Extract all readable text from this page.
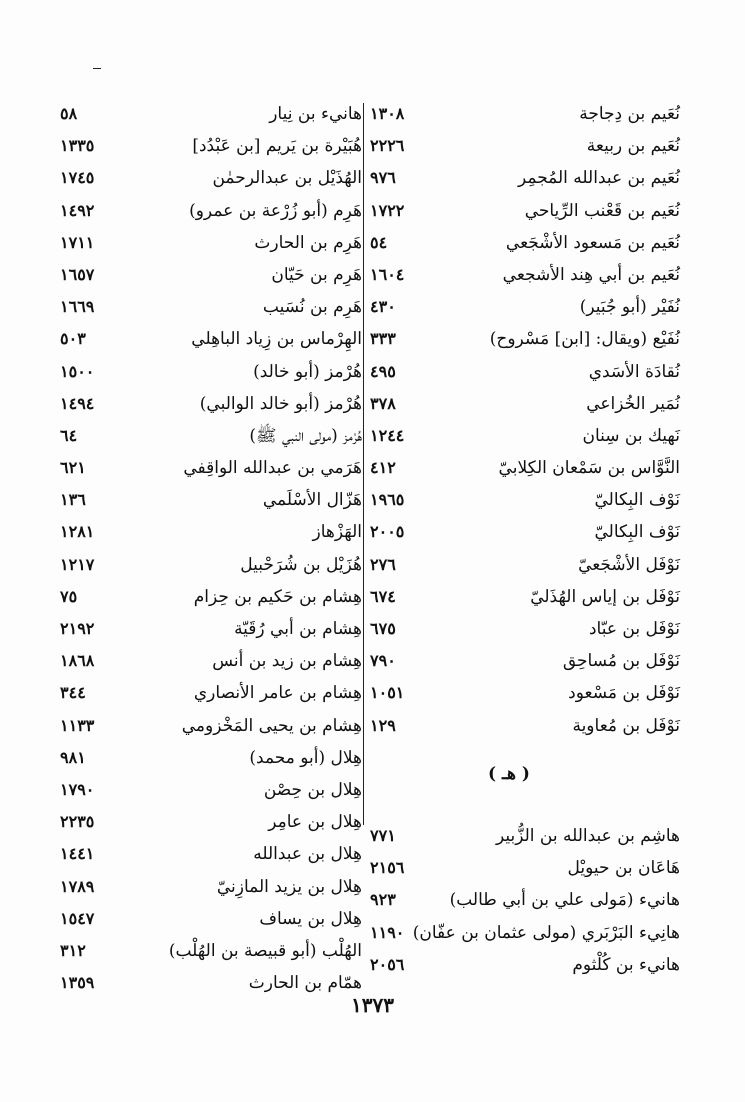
هانيء بن نِيار
٥٨
هُبَيْرة بن يَريم [بن عَبْدُد]
١٣٣٥
الهُذَيْل بن عبدالرحمٰن
١٧٤٥
هَرِم (أبو زُرْعة بن عمرو)
١٤٩٢
هَرِم بن الحارث
١٧١١
هَرِم بن حَيّان
١٦٥٧
هَرِم بن نُسَيب
١٦٦٩
الهِرْماس بن زِياد الباهِلي
٥٠٣
هُرْمز (أبو خالد)
١٥٠٠
هُرْمز (أبو خالد الوالبي)
١٤٩٤
هُرْمز (مولى النبي ﷺ)
٦٤
هَرَمي بن عبدالله الواقِفي
٦٢١
هَزّال الأسْلَمي
١٣٦
الهَزْهاز
١٢٨١
هُزَيْل بن شُرَحْبيل
١٢١٧
هِشام بن حَكيم بن حِزام
٧٥
هِشام بن أبي رُقَيّة
٢١٩٢
هِشام بن زيد بن أنس
١٨٦٨
هِشام بن عامر الأنصاري
٣٤٤
هِشام بن يحيى المَخْزومي
١١٣٣
هِلال (أبو محمد)
٩٨١
هِلال بن حِصْن
١٧٩٠
هِلال بن عامِر
٢٢٣٥
هِلال بن عبدالله
١٤٤١
هِلال بن يزيد المازِنيّ
١٧٨٩
هِلال بن يساف
١٥٤٧
الهُلْب (أبو قبيصة بن الهُلْب)
٣١٢
همّام بن الحارث
١٣٥٩
نُعَيم بن دِجاجة
١٣٠٨
نُعَيم بن ربيعة
٢٢٢٦
نُعَيم بن عبدالله المُجمِر
٩٧٦
نُعَيم بن قَعْنب الرِّياحي
١٧٢٢
نُعَيم بن مَسعود الأشْجَعي
٥٤
نُعَيم بن أبي هِند الأشجعي
١٦٠٤
نُفَيْر (أبو جُبَير)
٤٣٠
نُفَيْع (ويقال: [ابن] مَسْروح)
٣٣٣
نُقادَة الأسَدي
٤٩٥
نُمَير الخُزاعي
٣٧٨
نَهيك بن سِنان
١٢٤٤
النَّوَّاس بن سَمْعان الكِلابيّ
٤١٢
نَوْف البِكاليّ
١٩٦٥
نَوْف البِكاليّ
٢٠٠٥
نَوْفَل الأشْجَعيّ
٢٧٦
نَوْفَل بن إياس الهُذَليّ
٦٧٤
نَوْفَل بن عبّاد
٦٧٥
نَوْفَل بن مُساحِق
٧٩٠
نَوْفَل بن مَسْعود
١٠٥١
نَوْفَل بن مُعاوية
١٢٩
هاشِم بن عبدالله بن الزُّبير
٧٧١
هَاعَان بن حيويْل
٢١٥٦
هانيء (مَولى علي بن أبي طالب)
٩٢٣
هانِيء البَرْبَري (مولى عثمان بن عفّان)
١١٩٠
هانيء بن كُلْثوم
٢٠٥٦
( هـ )
١٣٧٣
